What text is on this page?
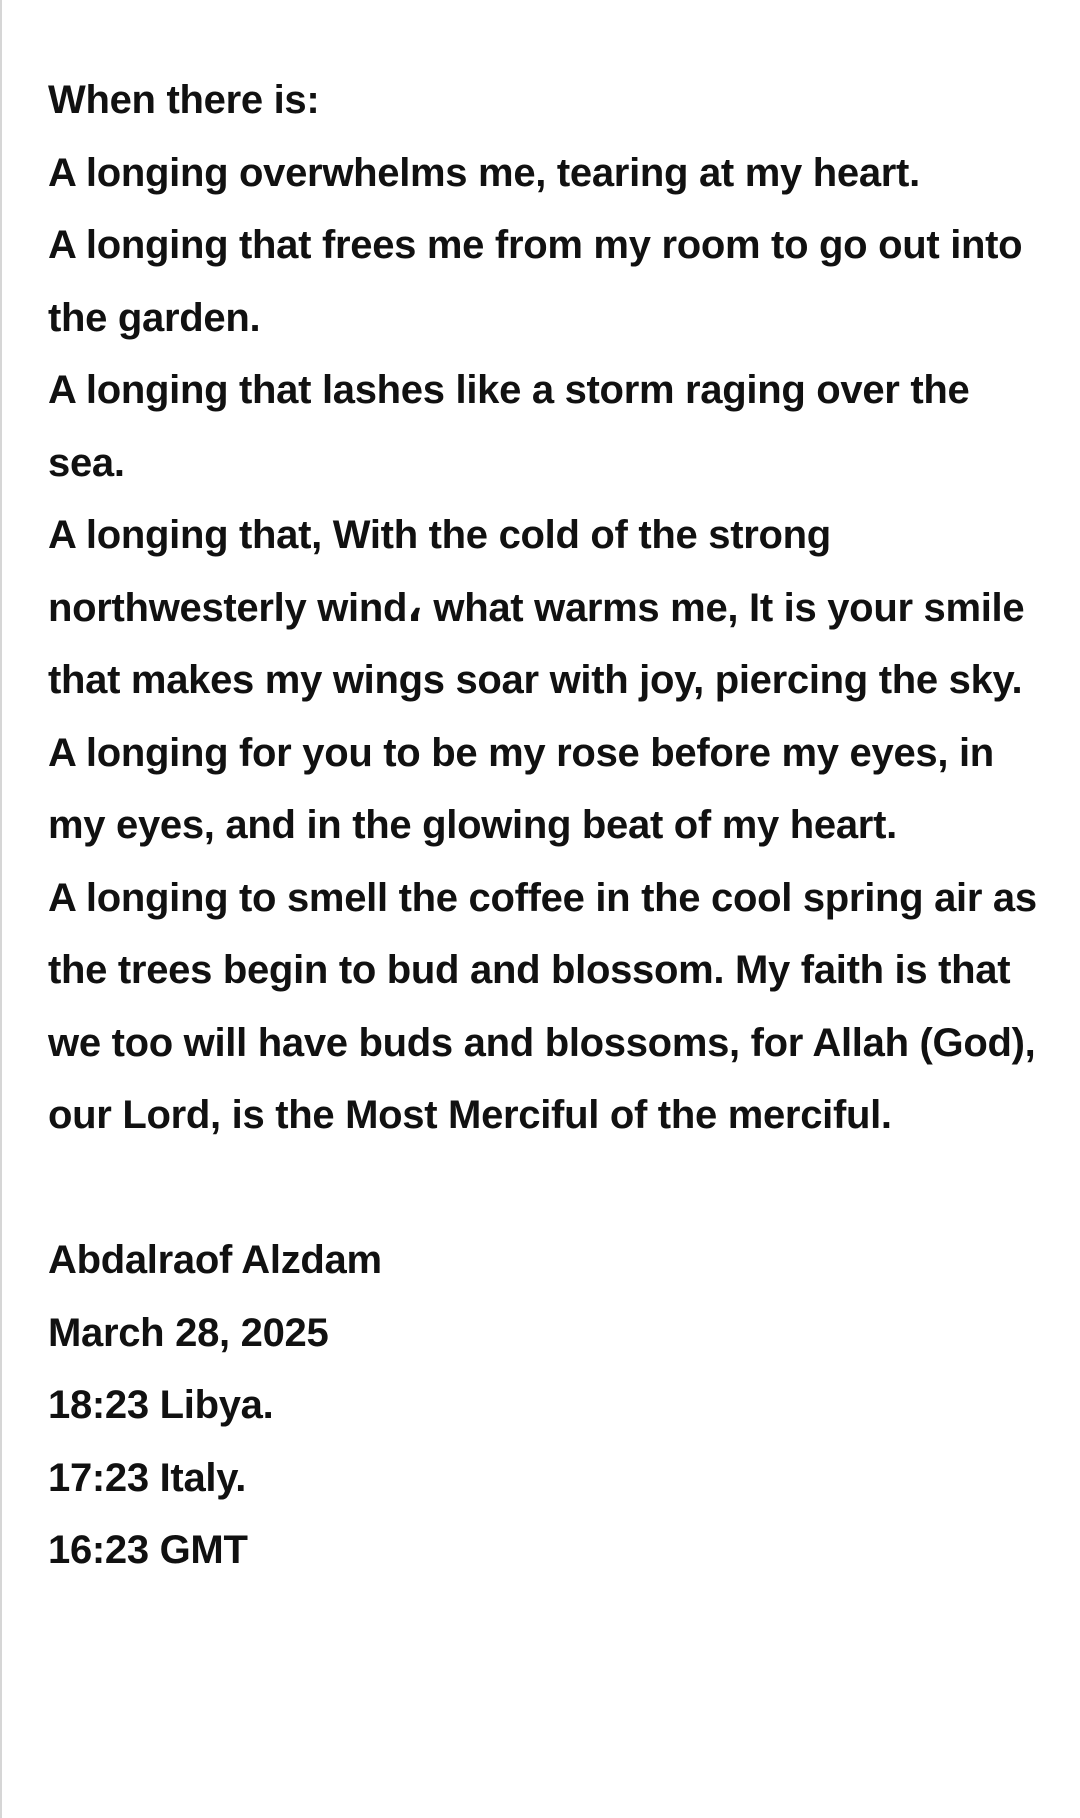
When there is:

A longing overwhelms me, tearing at my heart.

A longing that frees me from my room to go out into the garden.

A longing that lashes like a storm raging over the sea.

A longing that, With the cold of the strong northwesterly wind، what warms me, It is your smile that makes my wings soar with joy, piercing the sky.

A longing for you to be my rose before my eyes, in my eyes, and in the glowing beat of my heart.

A longing to smell the coffee in the cool spring air as the trees begin to bud and blossom. My faith is that we too will have buds and blossoms, for Allah (God), our Lord, is the Most Merciful of the merciful.

Abdalraof Alzdam

March 28, 2025

18:23 Libya.

17:23 Italy.

16:23 GMT
